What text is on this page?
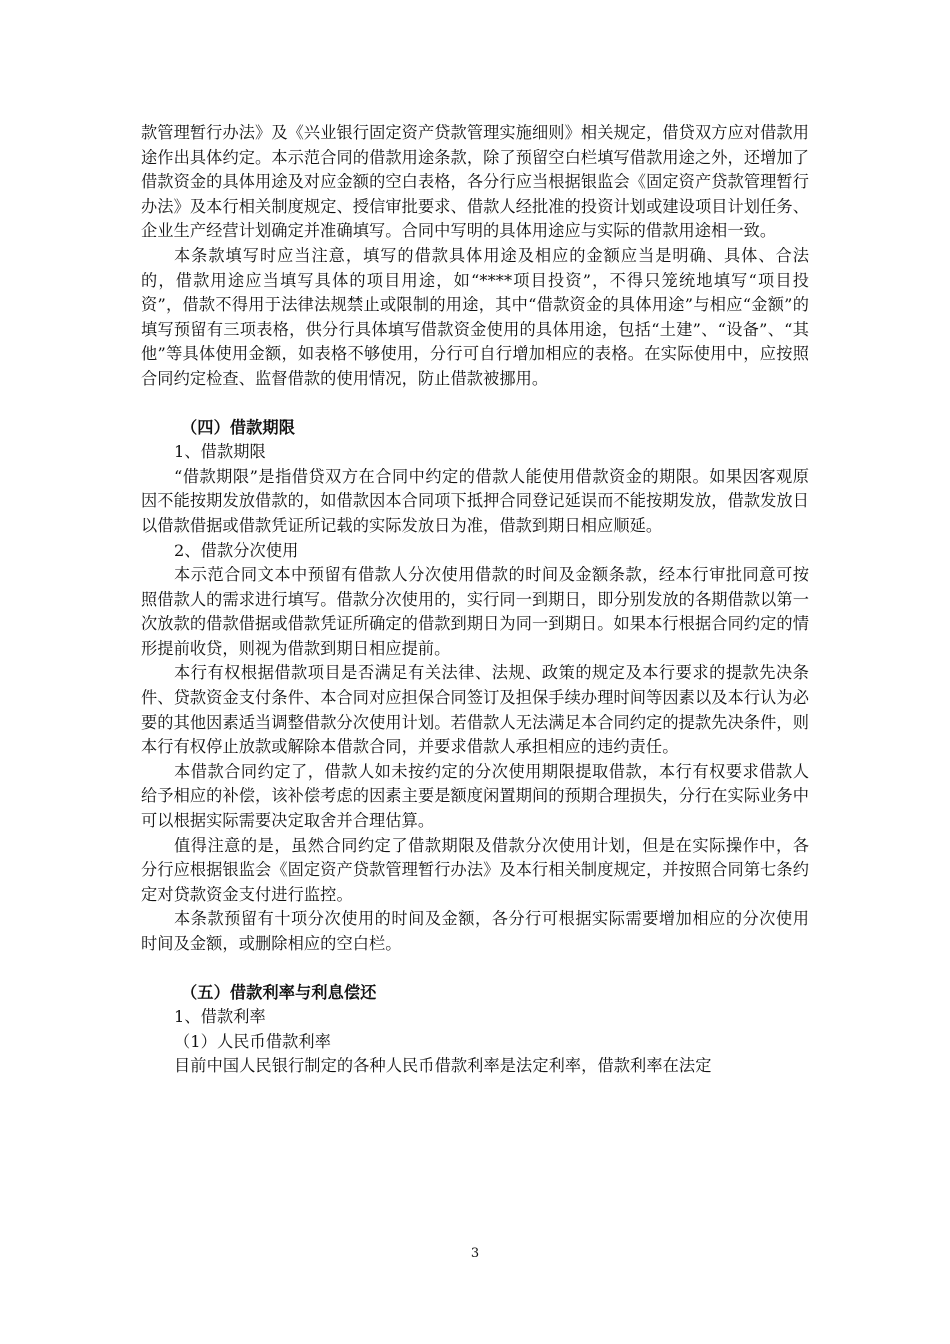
款管理暂行办法》及《兴业银行固定资产贷款管理实施细则》相关规定，借贷双方应对借款用途作出具体约定。本示范合同的借款用途条款，除了预留空白栏填写借款用途之外，还增加了借款资金的具体用途及对应金额的空白表格，各分行应当根据银监会《固定资产贷款管理暂行办法》及本行相关制度规定、授信审批要求、借款人经批准的投资计划或建设项目计划任务、企业生产经营计划确定并准确填写。合同中写明的具体用途应与实际的借款用途相一致。

本条款填写时应当注意，填写的借款具体用途及相应的金额应当是明确、具体、合法的，借款用途应当填写具体的项目用途，如“****项目投资”，不得只笼统地填写“项目投资”，借款不得用于法律法规禁止或限制的用途，其中“借款资金的具体用途”与相应“金额”的填写预留有三项表格，供分行具体填写借款资金使用的具体用途，包括“土建”、“设备”、“其他”等具体使用金额，如表格不够使用，分行可自行增加相应的表格。在实际使用中，应按照合同约定检查、监督借款的使用情况，防止借款被挪用。

（四）借款期限

1、借款期限

“借款期限”是指借贷双方在合同中约定的借款人能使用借款资金的期限。如果因客观原因不能按期发放借款的，如借款因本合同项下抵押合同登记延误而不能按期发放，借款发放日以借款借据或借款凭证所记载的实际发放日为准，借款到期日相应顺延。

2、借款分次使用

本示范合同文本中预留有借款人分次使用借款的时间及金额条款，经本行审批同意可按照借款人的需求进行填写。借款分次使用的，实行同一到期日，即分别发放的各期借款以第一次放款的借款借据或借款凭证所确定的借款到期日为同一到期日。如果本行根据合同约定的情形提前收贷，则视为借款到期日相应提前。

本行有权根据借款项目是否满足有关法律、法规、政策的规定及本行要求的提款先决条件、贷款资金支付条件、本合同对应担保合同签订及担保手续办理时间等因素以及本行认为必要的其他因素适当调整借款分次使用计划。若借款人无法满足本合同约定的提款先决条件，则本行有权停止放款或解除本借款合同，并要求借款人承担相应的违约责任。

本借款合同约定了，借款人如未按约定的分次使用期限提取借款，本行有权要求借款人给予相应的补偿，该补偿考虑的因素主要是额度闲置期间的预期合理损失，分行在实际业务中可以根据实际需要决定取舍并合理估算。

值得注意的是，虽然合同约定了借款期限及借款分次使用计划，但是在实际操作中，各分行应根据银监会《固定资产贷款管理暂行办法》及本行相关制度规定，并按照合同第七条约定对贷款资金支付进行监控。

本条款预留有十项分次使用的时间及金额，各分行可根据实际需要增加相应的分次使用时间及金额，或删除相应的空白栏。

（五）借款利率与利息偿还

1、借款利率

（1）人民币借款利率

目前中国人民银行制定的各种人民币借款利率是法定利率，借款利率在法定

3
